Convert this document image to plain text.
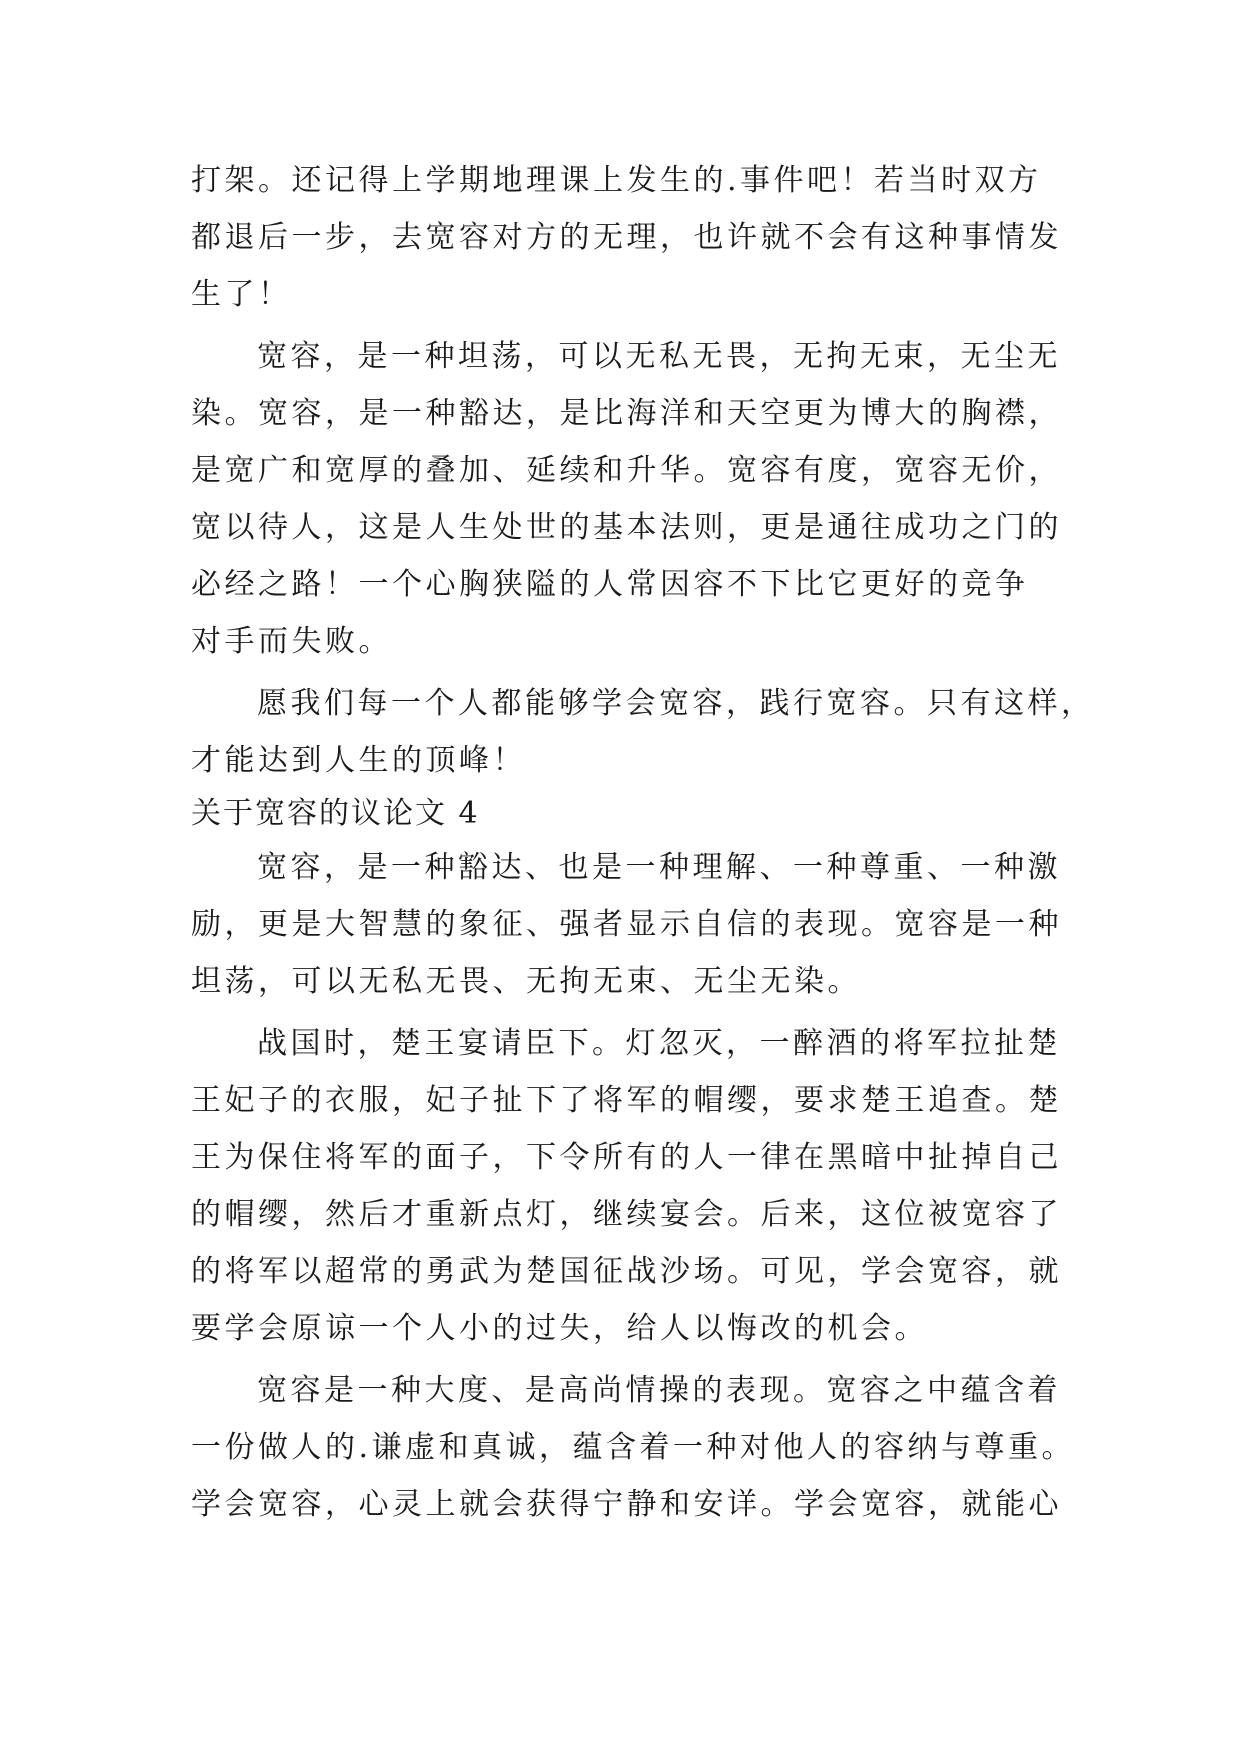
打架。还记得上学期地理课上发生的.事件吧！若当时双方
都退后一步，去宽容对方的无理，也许就不会有这种事情发
生了！
宽容，是一种坦荡，可以无私无畏，无拘无束，无尘无
染。宽容，是一种豁达，是比海洋和天空更为博大的胸襟，
是宽广和宽厚的叠加、延续和升华。宽容有度，宽容无价，
宽以待人，这是人生处世的基本法则，更是通往成功之门的
必经之路！一个心胸狭隘的人常因容不下比它更好的竞争
对手而失败。
愿我们每一个人都能够学会宽容，践行宽容。只有这样，
才能达到人生的顶峰！
关于宽容的议论文 4
宽容，是一种豁达、也是一种理解、一种尊重、一种激
励，更是大智慧的象征、强者显示自信的表现。宽容是一种
坦荡，可以无私无畏、无拘无束、无尘无染。
战国时，楚王宴请臣下。灯忽灭，一醉酒的将军拉扯楚
王妃子的衣服，妃子扯下了将军的帽缨，要求楚王追查。楚
王为保住将军的面子，下令所有的人一律在黑暗中扯掉自己
的帽缨，然后才重新点灯，继续宴会。后来，这位被宽容了
的将军以超常的勇武为楚国征战沙场。可见，学会宽容，就
要学会原谅一个人小的过失，给人以悔改的机会。
宽容是一种大度、是高尚情操的表现。宽容之中蕴含着
一份做人的.谦虚和真诚，蕴含着一种对他人的容纳与尊重。
学会宽容，心灵上就会获得宁静和安详。学会宽容，就能心
